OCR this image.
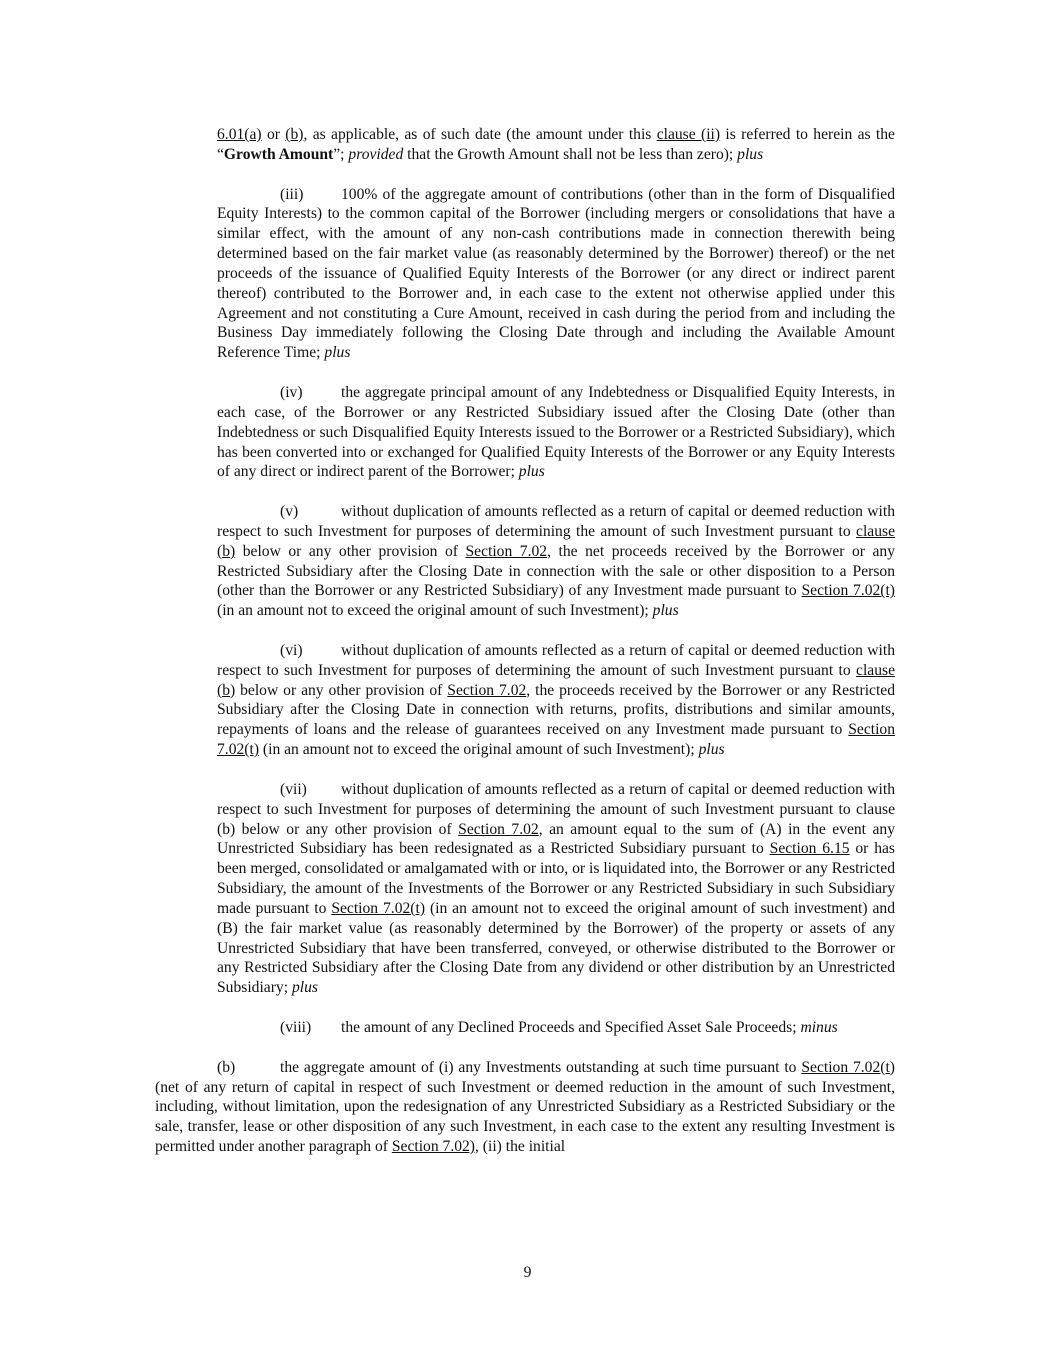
6.01(a) or (b), as applicable, as of such date (the amount under this clause (ii) is referred to herein as the “Growth Amount”; provided that the Growth Amount shall not be less than zero); plus

(iii) 100% of the aggregate amount of contributions (other than in the form of Disqualified Equity Interests) to the common capital of the Borrower (including mergers or consolidations that have a similar effect, with the amount of any non-cash contributions made in connection therewith being determined based on the fair market value (as reasonably determined by the Borrower) thereof) or the net proceeds of the issuance of Qualified Equity Interests of the Borrower (or any direct or indirect parent thereof) contributed to the Borrower and, in each case to the extent not otherwise applied under this Agreement and not constituting a Cure Amount, received in cash during the period from and including the Business Day immediately following the Closing Date through and including the Available Amount Reference Time; plus

(iv) the aggregate principal amount of any Indebtedness or Disqualified Equity Interests, in each case, of the Borrower or any Restricted Subsidiary issued after the Closing Date (other than Indebtedness or such Disqualified Equity Interests issued to the Borrower or a Restricted Subsidiary), which has been converted into or exchanged for Qualified Equity Interests of the Borrower or any Equity Interests of any direct or indirect parent of the Borrower; plus

(v)	without duplication of amounts reflected as a return of capital or deemed reduction with respect to such Investment for purposes of determining the amount of such Investment pursuant to clause (b) below or any other provision of Section 7.02, the net proceeds received by the Borrower or any Restricted Subsidiary after the Closing Date in connection with the sale or other disposition to a Person (other than the Borrower or any Restricted Subsidiary) of any Investment made pursuant to Section 7.02(t) (in an amount not to exceed the original amount of such Investment); plus

(vi) without duplication of amounts reflected as a return of capital or deemed reduction with respect to such Investment for purposes of determining the amount of such Investment pursuant to clause (b) below or any other provision of Section 7.02, the proceeds received by the Borrower or any Restricted Subsidiary after the Closing Date in connection with returns, profits, distributions and similar amounts, repayments of loans and the release of guarantees received on any Investment made pursuant to Section 7.02(t) (in an amount not to exceed the original amount of such Investment); plus

(vii) without duplication of amounts reflected as a return of capital or deemed reduction with respect to such Investment for purposes of determining the amount of such Investment pursuant to clause (b) below or any other provision of Section 7.02, an amount equal to the sum of (A) in the event any Unrestricted Subsidiary has been redesignated as a Restricted Subsidiary pursuant to Section 6.15 or has been merged, consolidated or amalgamated with or into, or is liquidated into, the Borrower or any Restricted Subsidiary, the amount of the Investments of the Borrower or any Restricted Subsidiary in such Subsidiary made pursuant to Section 7.02(t) (in an amount not to exceed the original amount of such investment) and (B) the fair market value (as reasonably determined by the Borrower) of the property or assets of any Unrestricted Subsidiary that have been transferred, conveyed, or otherwise distributed to the Borrower or any Restricted Subsidiary after the Closing Date from any dividend or other distribution by an Unrestricted Subsidiary; plus

(viii) the amount of any Declined Proceeds and Specified Asset Sale Proceeds; minus

(b)	the aggregate amount of (i) any Investments outstanding at such time pursuant to Section 7.02(t) (net of any return of capital in respect of such Investment or deemed reduction in the amount of such Investment, including, without limitation, upon the redesignation of any Unrestricted Subsidiary as a Restricted Subsidiary or the sale, transfer, lease or other disposition of any such Investment, in each case to the extent any resulting Investment is permitted under another paragraph of Section 7.02), (ii) the initial

9
